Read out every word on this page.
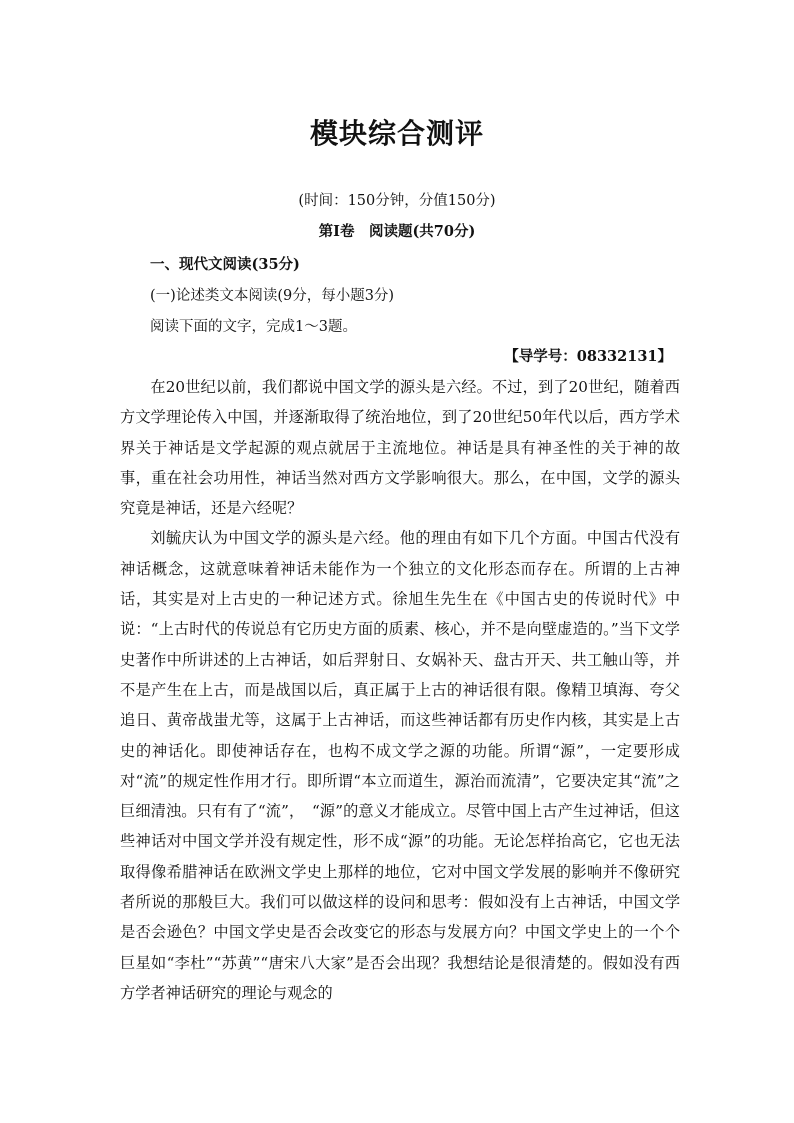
模块综合测评
(时间：150分钟，分值150分)
第Ⅰ卷　阅读题(共70分)
一、现代文阅读(35分)
(一)论述类文本阅读(9分，每小题3分)
阅读下面的文字，完成1～3题。
【导学号：08332131】

在20世纪以前，我们都说中国文学的源头是六经。不过，到了20世纪，随着西方文学理论传入中国，并逐渐取得了统治地位，到了20世纪50年代以后，西方学术界关于神话是文学起源的观点就居于主流地位。神话是具有神圣性的关于神的故事，重在社会功用性，神话当然对西方文学影响很大。那么，在中国，文学的源头究竟是神话，还是六经呢？

刘毓庆认为中国文学的源头是六经。他的理由有如下几个方面。中国古代没有神话概念，这就意味着神话未能作为一个独立的文化形态而存在。所谓的上古神话，其实是对上古史的一种记述方式。徐旭生先生在《中国古史的传说时代》中说：“上古时代的传说总有它历史方面的质素、核心，并不是向壁虚造的。”当下文学史著作中所讲述的上古神话，如后羿射日、女娲补天、盘古开天、共工触山等，并不是产生在上古，而是战国以后，真正属于上古的神话很有限。像精卫填海、夸父追日、黄帝战蚩尤等，这属于上古神话，而这些神话都有历史作内核，其实是上古史的神话化。即使神话存在，也构不成文学之源的功能。所谓“源”，一定要形成对“流”的规定性作用才行。即所谓“本立而道生，源治而流清”，它要决定其“流”之巨细清浊。只有有了“流”，　“源”的意义才能成立。尽管中国上古产生过神话，但这些神话对中国文学并没有规定性，形不成“源”的功能。无论怎样抬高它，它也无法取得像希腊神话在欧洲文学史上那样的地位，它对中国文学发展的影响并不像研究者所说的那般巨大。我们可以做这样的设问和思考：假如没有上古神话，中国文学是否会逊色？中国文学史是否会改变它的形态与发展方向？中国文学史上的一个个巨星如“李杜”“苏黄”“唐宋八大家”是否会出现？我想结论是很清楚的。假如没有西方学者神话研究的理论与观念的
